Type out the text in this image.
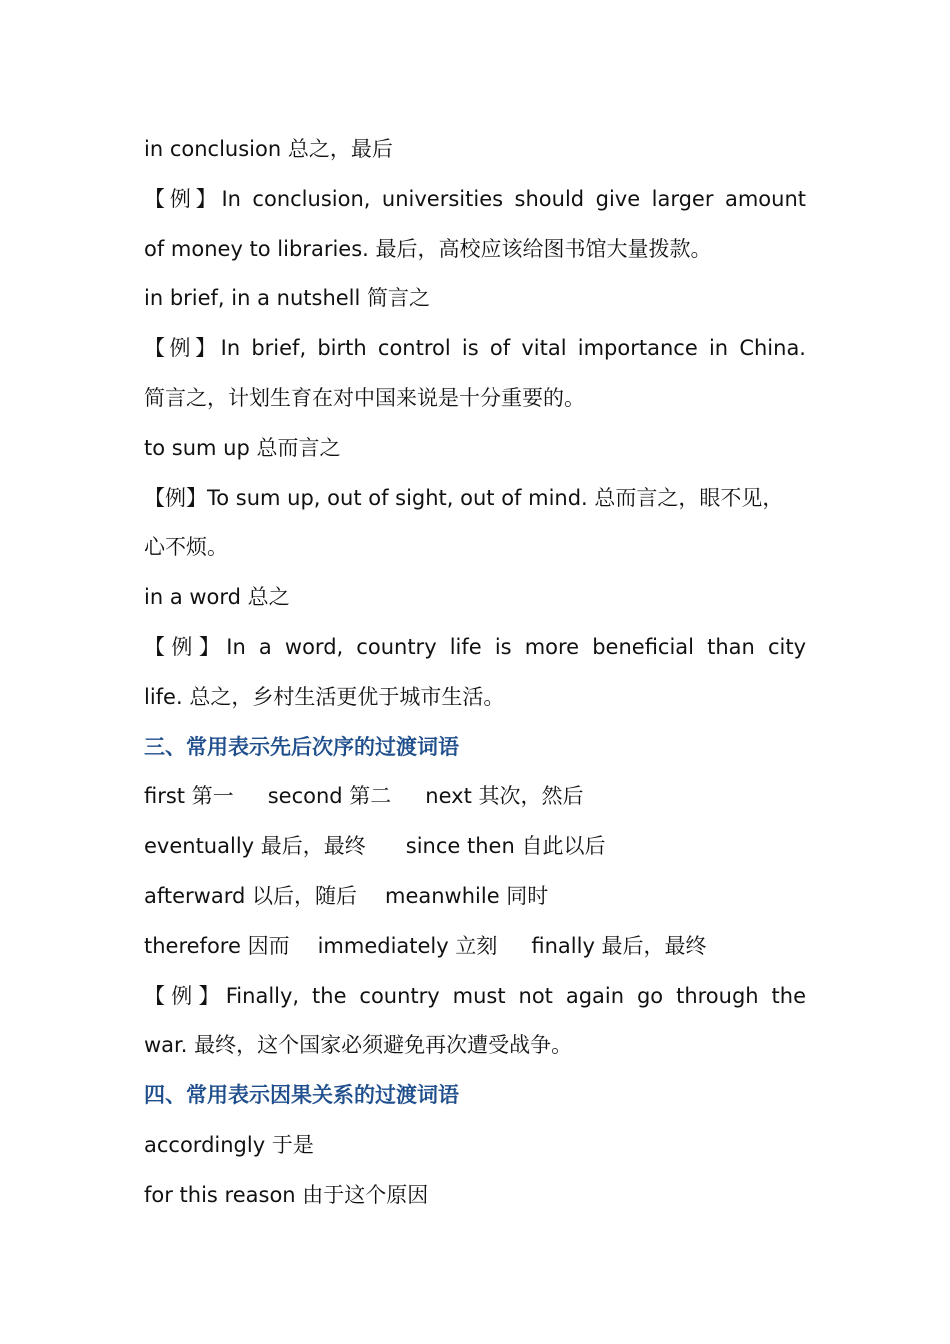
in conclusion 总之，最后
【例】In conclusion, universities should give larger amount
of money to libraries. 最后，高校应该给图书馆大量拨款。
in brief, in a nutshell 简言之
【例】In brief, birth control is of vital importance in China.
简言之，计划生育在对中国来说是十分重要的。
to sum up 总而言之
【例】To sum up, out of sight, out of mind. 总而言之，眼不见，
心不烦。
in a word 总之
【例】In a word, country life is more beneficial than city
life. 总之，乡村生活更优于城市生活。
三、常用表示先后次序的过渡词语
first 第一 second 第二 next 其次，然后
eventually 最后，最终 since then 自此以后
afterward 以后，随后 meanwhile 同时
therefore 因而 immediately 立刻 finally 最后，最终
【例】Finally, the country must not again go through the
war. 最终，这个国家必须避免再次遭受战争。
四、常用表示因果关系的过渡词语
accordingly 于是
for this reason 由于这个原因
